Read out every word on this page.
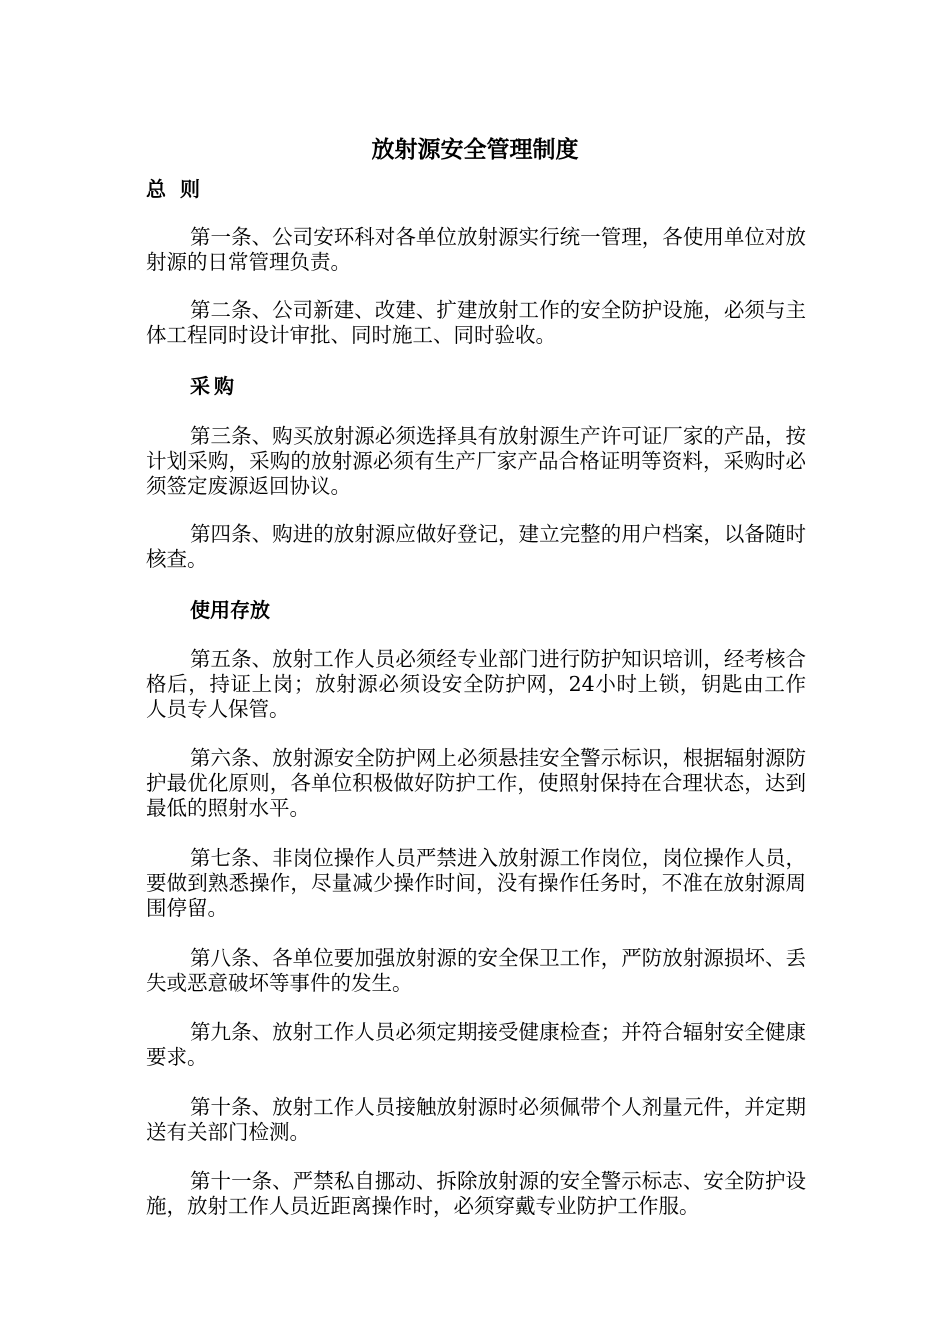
放射源安全管理制度
总则

第一条、公司安环科对各单位放射源实行统一管理，各使用单位对放射源的日常管理负责。

第二条、公司新建、改建、扩建放射工作的安全防护设施，必须与主体工程同时设计审批、同时施工、同时验收。

采购

第三条、购买放射源必须选择具有放射源生产许可证厂家的产品，按计划采购，采购的放射源必须有生产厂家产品合格证明等资料，采购时必须签定废源返回协议。

第四条、购进的放射源应做好登记，建立完整的用户档案，以备随时核查。

使用存放

第五条、放射工作人员必须经专业部门进行防护知识培训，经考核合格后，持证上岗；放射源必须设安全防护网，24小时上锁，钥匙由工作人员专人保管。

第六条、放射源安全防护网上必须悬挂安全警示标识，根据辐射源防护最优化原则，各单位积极做好防护工作，使照射保持在合理状态，达到最低的照射水平。

第七条、非岗位操作人员严禁进入放射源工作岗位，岗位操作人员，要做到熟悉操作，尽量减少操作时间，没有操作任务时，不准在放射源周围停留。

第八条、各单位要加强放射源的安全保卫工作，严防放射源损坏、丢失或恶意破坏等事件的发生。

第九条、放射工作人员必须定期接受健康检查；并符合辐射安全健康要求。

第十条、放射工作人员接触放射源时必须佩带个人剂量元件，并定期送有关部门检测。

第十一条、严禁私自挪动、拆除放射源的安全警示标志、安全防护设施，放射工作人员近距离操作时，必须穿戴专业防护工作服。
